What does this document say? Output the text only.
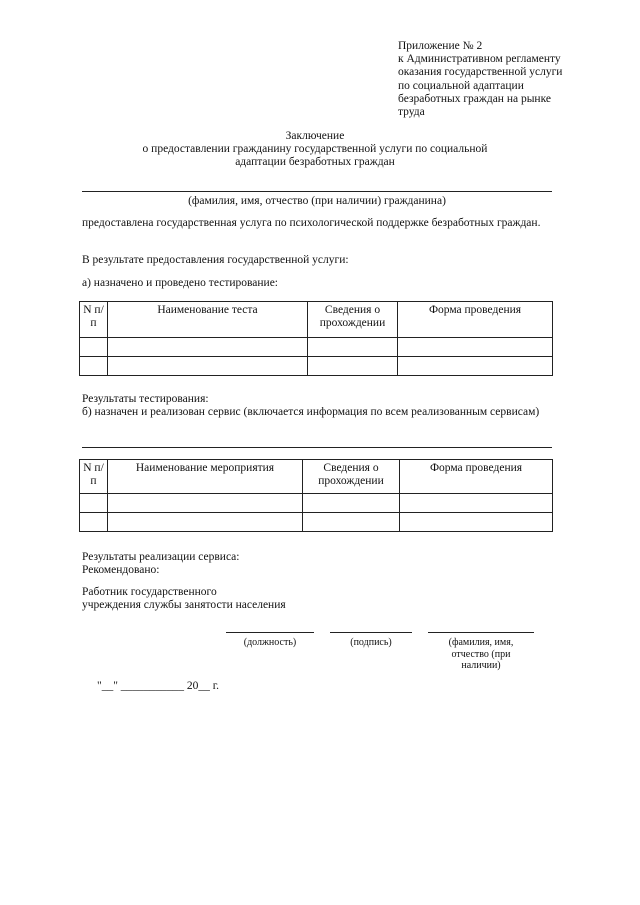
Приложение № 2
к Административном регламенту
оказания государственной услуги
по социальной адаптации
безработных граждан на рынке
труда
Заключение
о предоставлении гражданину государственной услуги по социальной
адаптации безработных граждан
(фамилия, имя, отчество (при наличии) гражданина)
предоставлена государственная услуга по психологической поддержке безработных граждан.
В результате предоставления государственной услуги:
а) назначено и проведено тестирование:
N п/п	Наименование теста	Сведения о прохождении	Форма проведения

Результаты тестирования:
б) назначен и реализован сервис (включается информация по всем реализованным сервисам)
N п/п	Наименование мероприятия	Сведения о прохождении	Форма проведения

Результаты реализации сервиса:
Рекомендовано:
Работник государственного
учреждения службы занятости населения
(должность)	(подпись)	(фамилия, имя, отчество (при наличии)
"__" ___________ 20__ г.
